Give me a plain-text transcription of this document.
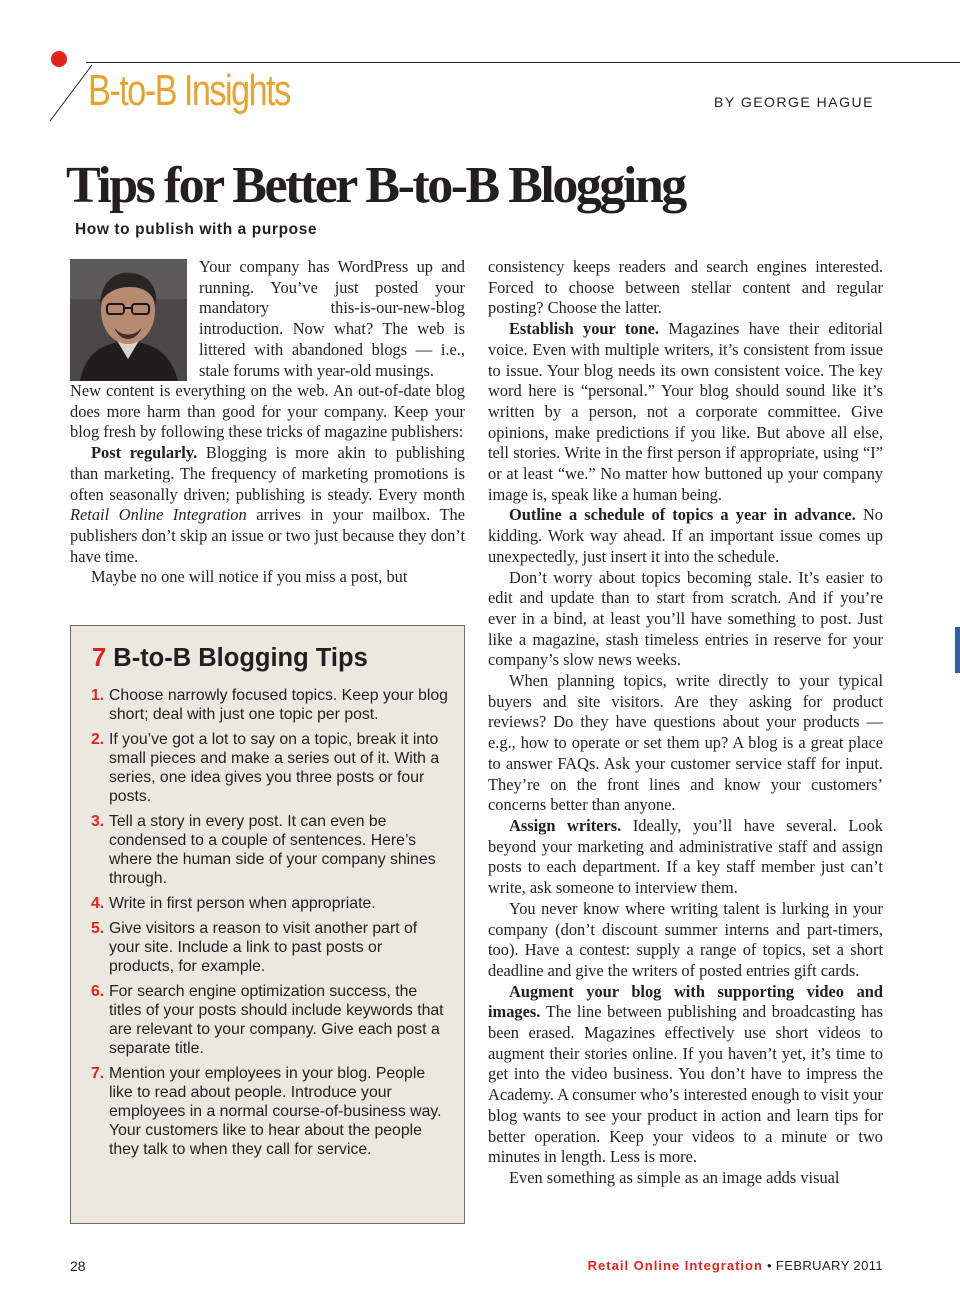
B-to-B Insights	BY GEORGE HAGUE
Tips for Better B-to-B Blogging
How to publish with a purpose

Your company has WordPress up and running. You’ve just posted your mandatory this-is-our-new-blog introduction. Now what? The web is littered with abandoned blogs — i.e., stale forums with year-old musings.

New content is everything on the web. An out-of-date blog does more harm than good for your company. Keep your blog fresh by following these tricks of magazine publishers:

Post regularly. Blogging is more akin to publishing than marketing. The frequency of marketing promotions is often seasonally driven; publishing is steady. Every month Retail Online Integration arrives in your mailbox. The publishers don’t skip an issue or two just because they don’t have time.

Maybe no one will notice if you miss a post, but

7 B-to-B Blogging Tips
1. Choose narrowly focused topics. Keep your blog short; deal with just one topic per post.
2. If you’ve got a lot to say on a topic, break it into small pieces and make a series out of it. With a series, one idea gives you three posts or four posts.
3. Tell a story in every post. It can even be condensed to a couple of sentences. Here’s where the human side of your company shines through.
4. Write in first person when appropriate.
5. Give visitors a reason to visit another part of your site. Include a link to past posts or products, for example.
6. For search engine optimization success, the titles of your posts should include keywords that are relevant to your company. Give each post a separate title.
7. Mention your employees in your blog. People like to read about people. Introduce your employees in a normal course-of-business way. Your customers like to hear about the people they talk to when they call for service.

consistency keeps readers and search engines interested. Forced to choose between stellar content and regular posting? Choose the latter.

Establish your tone. Magazines have their editorial voice. Even with multiple writers, it’s consistent from issue to issue. Your blog needs its own consistent voice. The key word here is “personal.” Your blog should sound like it’s written by a person, not a corporate committee. Give opinions, make predictions if you like. But above all else, tell stories. Write in the first person if appropriate, using “I” or at least “we.” No matter how buttoned up your company image is, speak like a human being.

Outline a schedule of topics a year in advance. No kidding. Work way ahead. If an important issue comes up unexpectedly, just insert it into the schedule.

Don’t worry about topics becoming stale. It’s easier to edit and update than to start from scratch. And if you’re ever in a bind, at least you’ll have something to post. Just like a magazine, stash timeless entries in reserve for your company’s slow news weeks.

When planning topics, write directly to your typical buyers and site visitors. Are they asking for product reviews? Do they have questions about your products — e.g., how to operate or set them up? A blog is a great place to answer FAQs. Ask your customer service staff for input. They’re on the front lines and know your customers’ concerns better than anyone.

Assign writers. Ideally, you’ll have several. Look beyond your marketing and administrative staff and assign posts to each department. If a key staff member just can’t write, ask someone to interview them.

You never know where writing talent is lurking in your company (don’t discount summer interns and part-timers, too). Have a contest: supply a range of topics, set a short deadline and give the writers of posted entries gift cards.

Augment your blog with supporting video and images. The line between publishing and broadcasting has been erased. Magazines effectively use short videos to augment their stories online. If you haven’t yet, it’s time to get into the video business. You don’t have to impress the Academy. A consumer who’s interested enough to visit your blog wants to see your product in action and learn tips for better operation. Keep your videos to a minute or two minutes in length. Less is more.

Even something as simple as an image adds visual

28	Retail Online Integration • FEBRUARY 2011
